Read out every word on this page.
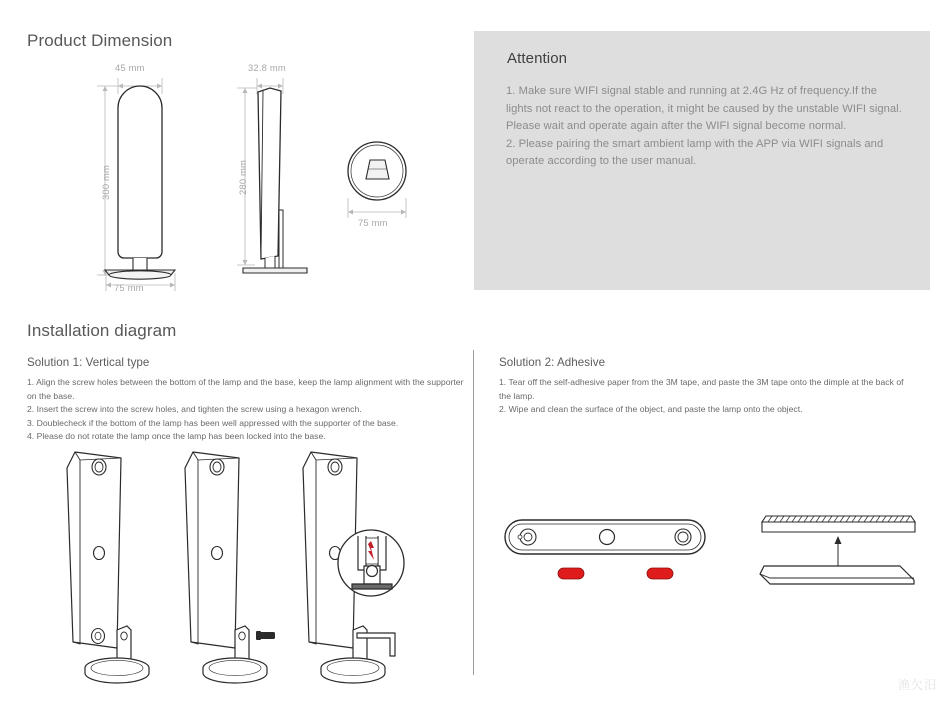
Product Dimension
45 mm
300 mm
75 mm
32.8 mm
280 mm
75 mm
Attention

1. Make sure WIFI signal stable and running at 2.4G Hz of frequency.If the lights not react to the operation, it might be caused by the unstable WIFI signal. Please wait and operate again after the WIFI signal become normal.

2. Please pairing the smart ambient lamp with the APP via WIFI signals and operate according to the user manual.

Installation diagram
Solution 1: Vertical type

1. Align the screw holes between the bottom of the lamp and the base, keep the lamp alignment with the supporter on the base.

2. Insert the screw into the screw holes, and tighten the screw using a hexagon wrench.

3. Doublecheck if the bottom of the lamp has been well appressed with the supporter of the base.

4. Please do not rotate the lamp once the lamp has been locked into the base.

Solution 2: Adhesive

1. Tear off the self-adhesive paper from the 3M tape, and paste the 3M tape onto the dimple at the back of the lamp.

2. Wipe and clean the surface of the object, and paste the lamp onto the object.

渔欠汨
